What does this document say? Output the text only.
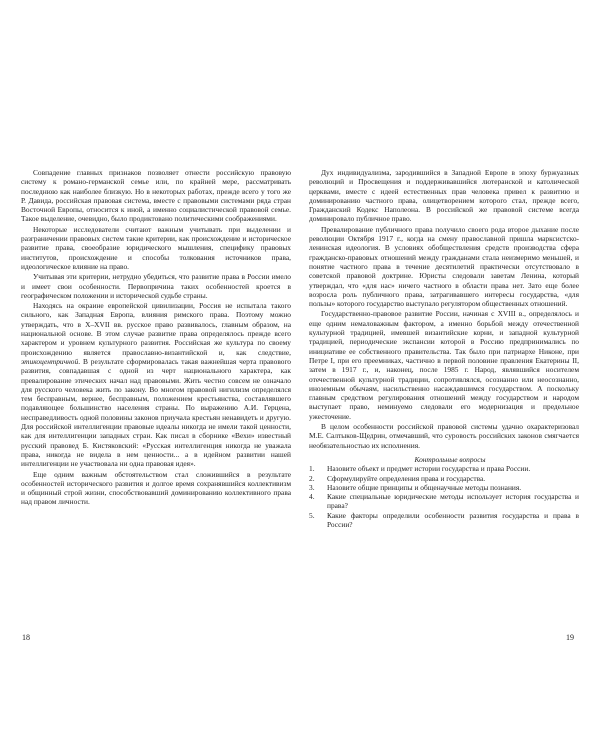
Совпадение главных признаков позволяет отнести российскую правовую систему к романо-германской семье или, по крайней мере, рассматривать последнюю как наиболее близкую. Но в некоторых работах, прежде всего у того же Р. Давида, российская правовая система, вместе с правовыми системами ряда стран Восточной Европы, относится к иной, а именно социалистической правовой семье. Такое выделение, очевидно, было продиктовано политическими соображениями.

Некоторые исследователи считают важным учитывать при выделении и разграничении правовых систем такие критерии, как происхождение и историческое развитие права, своеобразие юридического мышления, специфику правовых институтов, происхождение и способы толкования источников права, идеологическое влияние на право.

Учитывая эти критерии, нетрудно убедиться, что развитие права в России имело и имеет свои особенности. Первопричина таких особенностей кроется в географическом положении и исторической судьбе страны.

Находясь на окраине европейской цивилизации, Россия не испытала такого сильного, как Западная Европа, влияния римского права. Поэтому можно утверждать, что в X–XVII вв. русское право развивалось, главным образом, на национальной основе. В этом случае развитие права определялось прежде всего характером и уровнем культурного развития. Российская же культура по своему происхождению является православно-византийской и, как следствие, этикоцентричной. В результате сформировалась такая важнейшая черта правового развития, совпадавшая с одной из черт национального характера, как превалирование этических начал над правовыми. Жить честно совсем не означало для русского человека жить по закону. Во многом правовой нигилизм определялся тем бесправным, вернее, бесправным, положением крестьянства, составлявшего подавляющее большинство населения страны. По выражению А.И. Герцена, несправедливость одной половины законов приучала крестьян ненавидеть и другую. Для российской интеллигенции правовые идеалы никогда не имели такой ценности, как для интеллигенции западных стран. Как писал в сборнике «Вехи» известный русский правовед Б. Кистяковский: «Русская интеллигенция никогда не уважала права, никогда не видела в нем ценности... а в идейном развитии нашей интеллигенции не участвовала ни одна правовая идея».

Еще одним важным обстоятельством стал сложившийся в результате особенностей исторического развития и долгое время сохранявшийся коллективизм и общинный строй жизни, способствовавший доминированию коллективного права над правом личности.

18

Дух индивидуализма, зародившийся в Западной Европе в эпоху буржуазных революций и Просвещения и поддерживавшийся лютеранской и католической церквами, вместе с идеей естественных прав человека привел к развитию и доминированию частного права, олицетворением которого стал, прежде всего, Гражданский Кодекс Наполеона. В российской же правовой системе всегда доминировало публичное право.

Превалирование публичного права получило своего рода второе дыхание после революции Октября 1917 г., когда на смену православной пришла марксистско-ленинская идеология. В условиях обобществления средств производства сфера гражданско-правовых отношений между гражданами стала неизмеримо меньшей, и понятие частного права в течение десятилетий практически отсутствовало в советской правовой доктрине. Юристы следовали заветам Ленина, который утверждал, что «для нас» ничего частного в области права нет. Зато еще более возросла роль публичного права, затрагивавшего интересы государства, «для пользы» которого государство выступало регулятором общественных отношений.

Государственно-правовое развитие России, начиная с XVIII в., определялось и еще одним немаловажным фактором, а именно борьбой между отечественной культурной традицией, имевшей византийские корни, и западной культурной традицией, периодические экспансии которой в Россию предпринимались по инициативе ее собственного правительства. Так было при патриархе Никоне, при Петре I, при его преемниках, частично в первой половине правления Екатерины II, затем в 1917 г., и, наконец, после 1985 г. Народ, являвшийся носителем отечественной культурной традиции, сопротивлялся, осознанно или неосознанно, иноземным обычаям, насильственно насаждавшимся государством. А поскольку главным средством регулирования отношений между государством и народом выступает право, неминуемо следовали его модернизация и предельное ужесточение.

В целом особенности российской правовой системы удачно охарактеризовал М.Е. Салтыков-Щедрин, отмечавший, что суровость российских законов смягчается необязательностью их исполнения.

Контрольные вопросы

1.	Назовите объект и предмет истории государства и права России.
2.	Сформулируйте определения права и государства.
3.	Назовите общие принципы и общенаучные методы познания.
4.	Какие специальные юридические методы использует история государства и права?
5.	Какие факторы определили особенности развития государства и права в России?
19
